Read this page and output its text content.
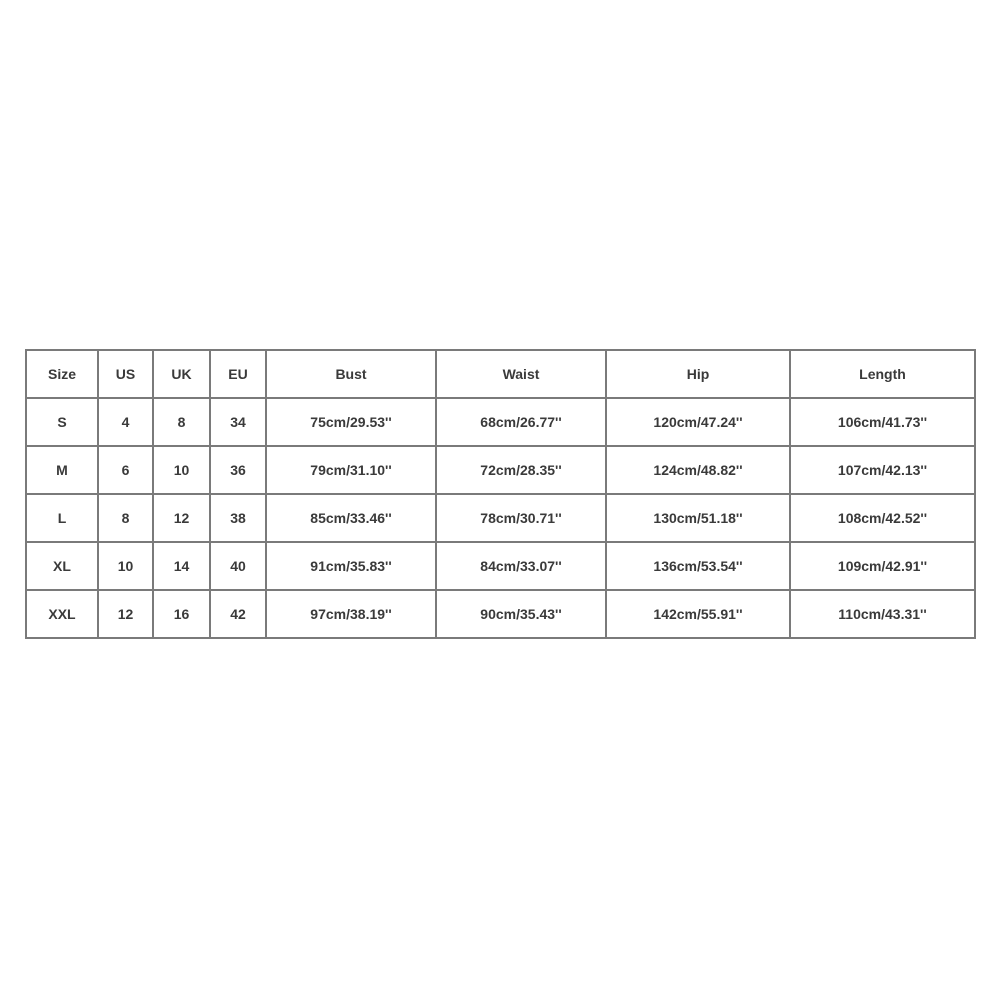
Size	US	UK	EU	Bust	Waist	Hip	Length
S	4	8	34	75cm/29.53''	68cm/26.77''	120cm/47.24''	106cm/41.73''
M	6	10	36	79cm/31.10''	72cm/28.35''	124cm/48.82''	107cm/42.13''
L	8	12	38	85cm/33.46''	78cm/30.71''	130cm/51.18''	108cm/42.52''
XL	10	14	40	91cm/35.83''	84cm/33.07''	136cm/53.54''	109cm/42.91''
XXL	12	16	42	97cm/38.19''	90cm/35.43''	142cm/55.91''	110cm/43.31''
